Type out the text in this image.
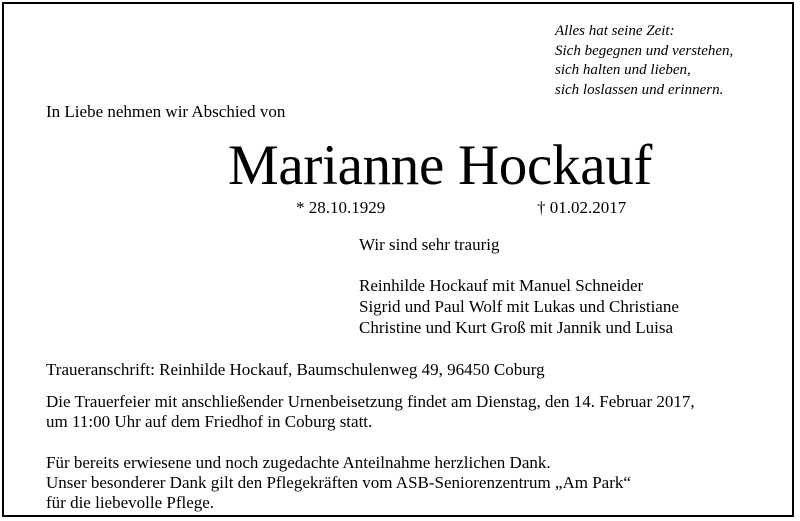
Alles hat seine Zeit:
Sich begegnen und verstehen,
sich halten und lieben,
sich loslassen und erinnern.
In Liebe nehmen wir Abschied von
Marianne Hockauf
* 28.10.1929	† 01.02.2017
Wir sind sehr traurig
Reinhilde Hockauf mit Manuel Schneider
Sigrid und Paul Wolf mit Lukas und Christiane
Christine und Kurt Groß mit Jannik und Luisa
Traueranschrift: Reinhilde Hockauf, Baumschulenweg 49, 96450 Coburg
Die Trauerfeier mit anschließender Urnenbeisetzung findet am Dienstag, den 14. Februar 2017,
um 11:00 Uhr auf dem Friedhof in Coburg statt.
Für bereits erwiesene und noch zugedachte Anteilnahme herzlichen Dank.
Unser besonderer Dank gilt den Pflegekräften vom ASB-Seniorenzentrum „Am Park“
für die liebevolle Pflege.
